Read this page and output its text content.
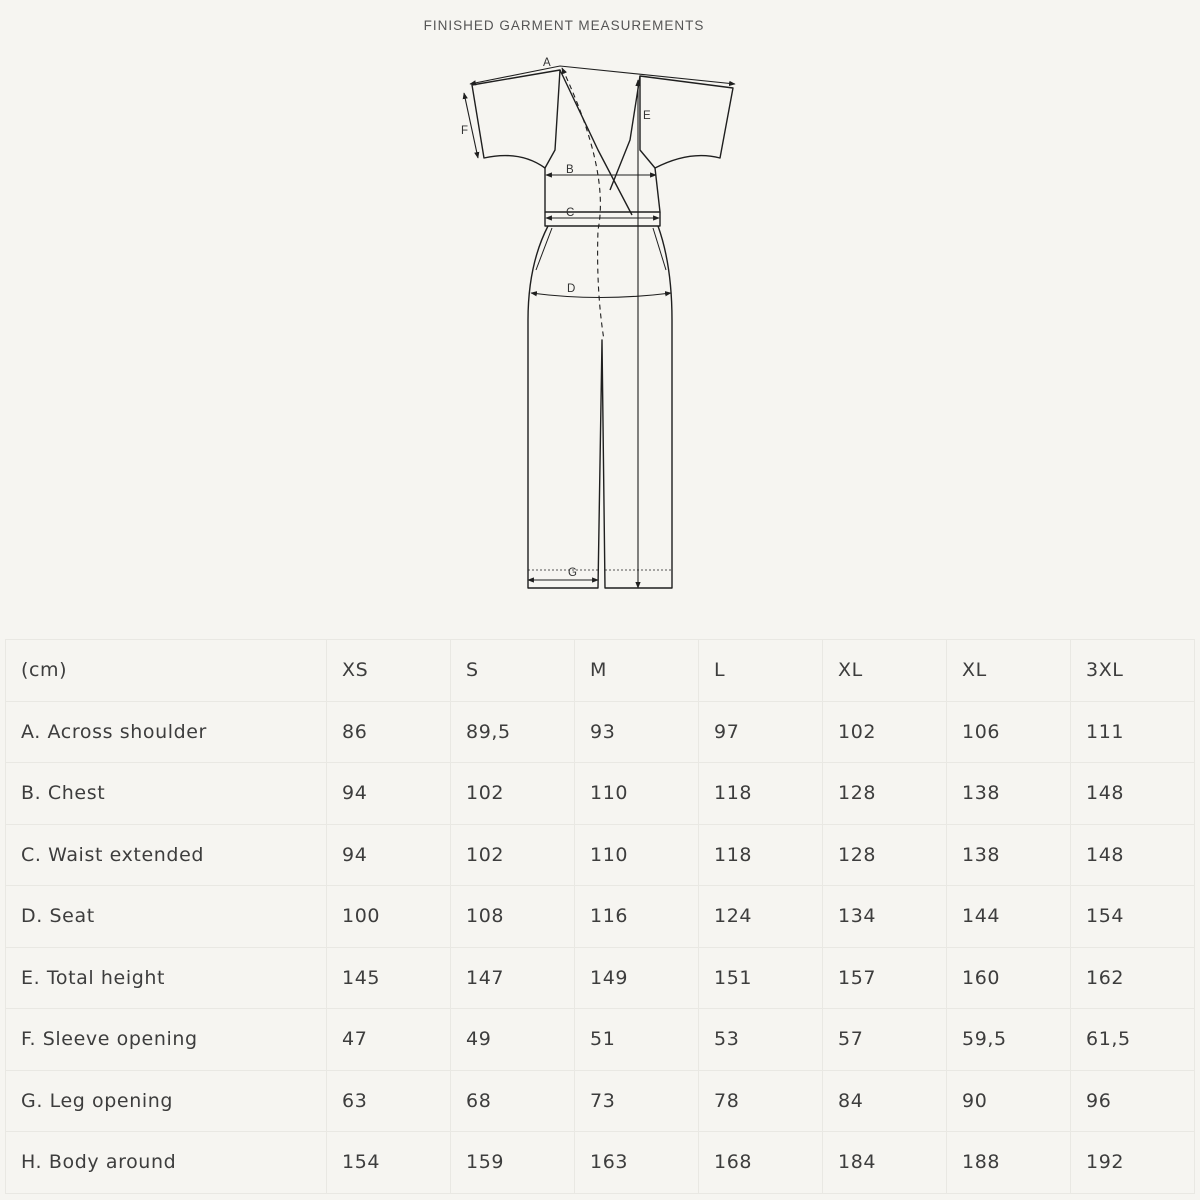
FINISHED GARMENT MEASUREMENTS
A
E
F
B
C
D
G
(cm)	XS	S	M	L	XL	XL	3XL
A. Across shoulder	86	89,5	93	97	102	106	111
B. Chest	94	102	110	118	128	138	148
C. Waist extended	94	102	110	118	128	138	148
D. Seat	100	108	116	124	134	144	154
E. Total height	145	147	149	151	157	160	162
F. Sleeve opening	47	49	51	53	57	59,5	61,5
G. Leg opening	63	68	73	78	84	90	96
H. Body around	154	159	163	168	184	188	192
